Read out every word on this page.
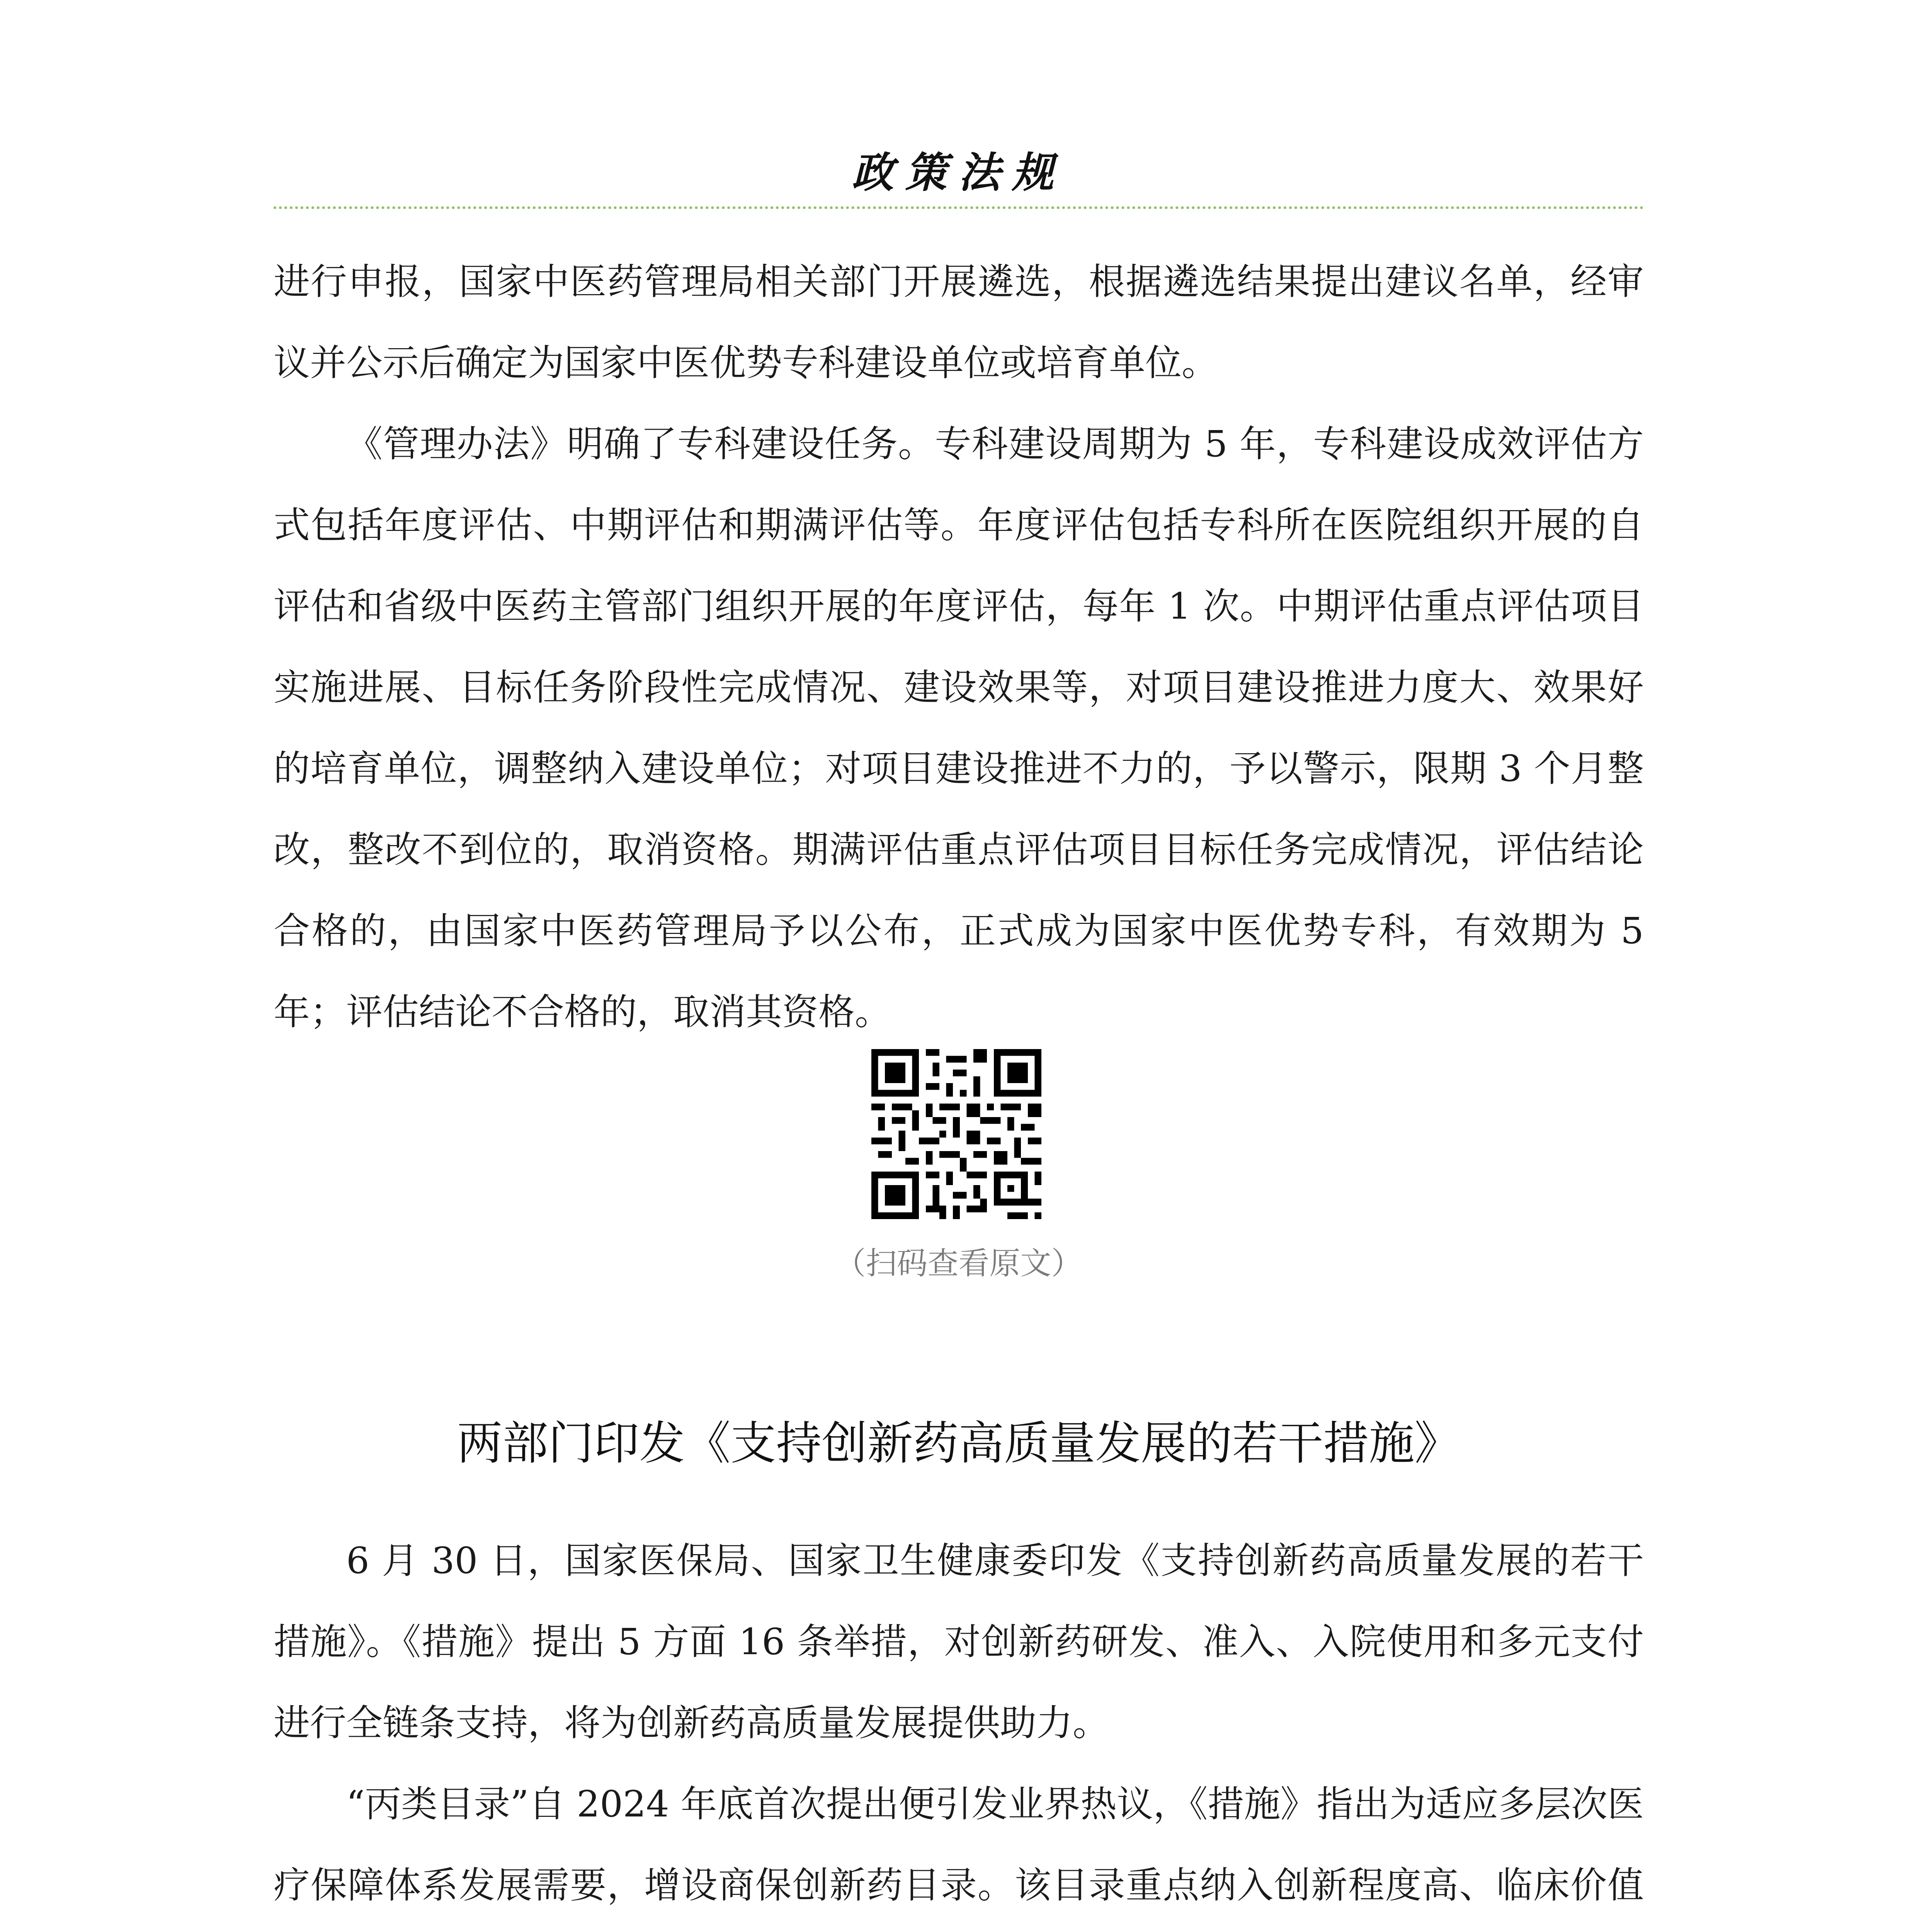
政策法规

进行申报，国家中医药管理局相关部门开展遴选，根据遴选结果提出建议名单，经审议并公示后确定为国家中医优势专科建设单位或培育单位。

《管理办法》明确了专科建设任务。专科建设周期为 5 年，专科建设成效评估方式包括年度评估、中期评估和期满评估等。年度评估包括专科所在医院组织开展的自评估和省级中医药主管部门组织开展的年度评估，每年 1 次。中期评估重点评估项目实施进展、目标任务阶段性完成情况、建设效果等，对项目建设推进力度大、效果好的培育单位，调整纳入建设单位；对项目建设推进不力的，予以警示，限期 3 个月整改，整改不到位的，取消资格。期满评估重点评估项目目标任务完成情况，评估结论合格的，由国家中医药管理局予以公布，正式成为国家中医优势专科，有效期为 5 年；评估结论不合格的，取消其资格。

（扫码查看原文）
两部门印发《支持创新药高质量发展的若干措施》

6 月 30 日，国家医保局、国家卫生健康委印发《支持创新药高质量发展的若干措施》。《措施》提出 5 方面 16 条举措，对创新药研发、准入、入院使用和多元支付进行全链条支持，将为创新药高质量发展提供助力。

“丙类目录”自 2024 年底首次提出便引发业界热议，《措施》指出为适应多层次医疗保障体系发展需要，增设商保创新药目录。该目录重点纳入创新程度高、临床价值
